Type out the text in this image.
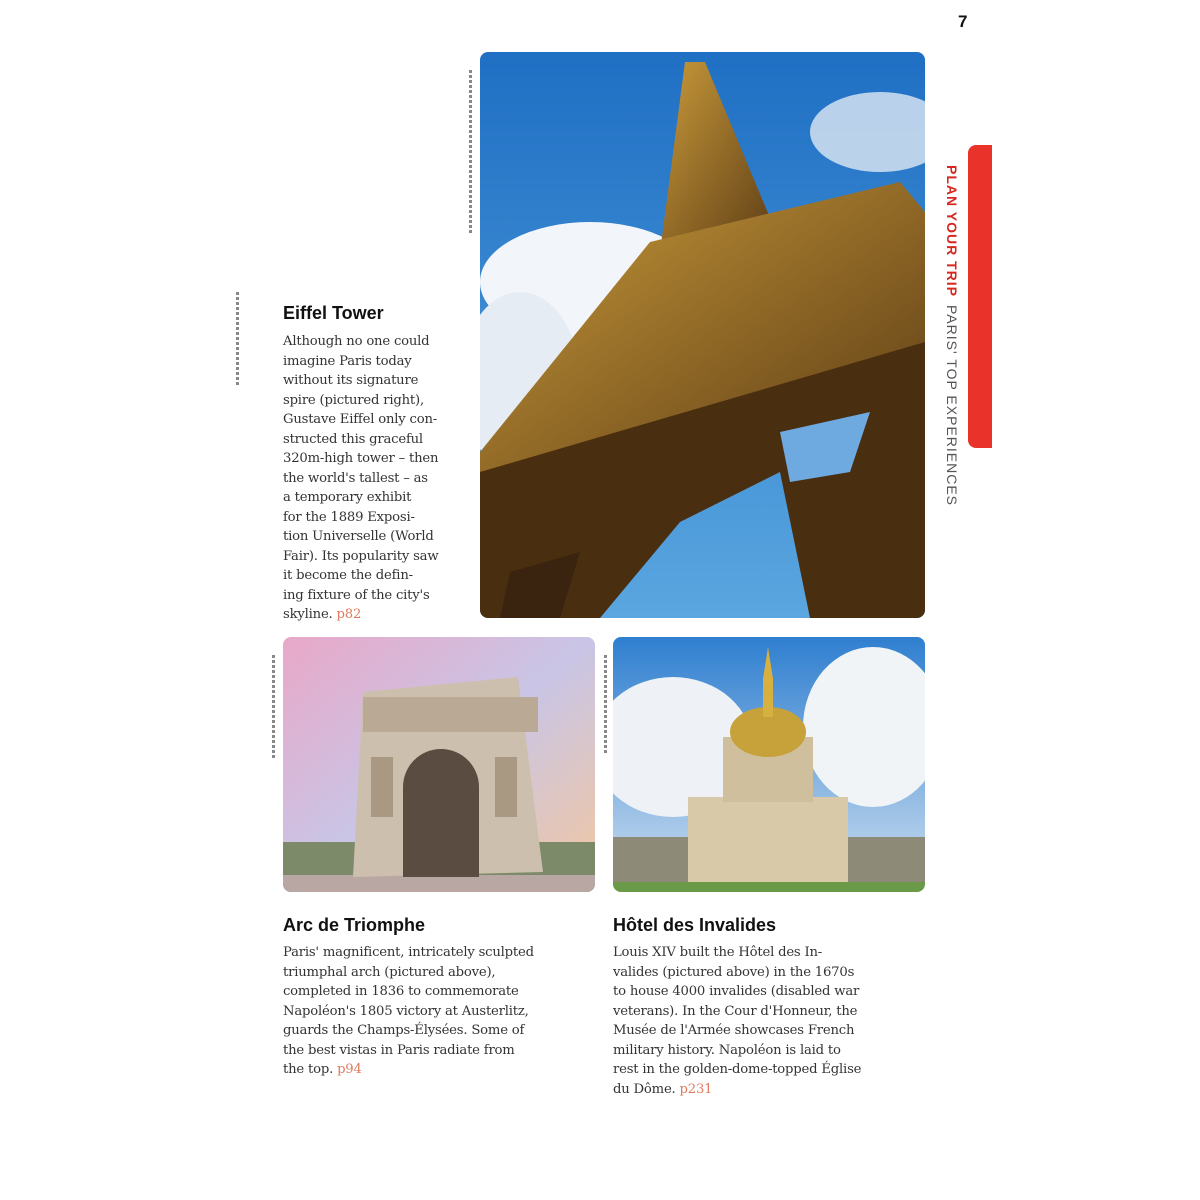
7
PLAN YOUR TRIPPARIS' TOP EXPERIENCES
Eiffel Tower
Although no one could
imagine Paris today
without its signature
spire (pictured right),
Gustave Eiffel only con-
structed this graceful
320m-high tower – then
the world's tallest – as
a temporary exhibit
for the 1889 Exposi-
tion Universelle (World
Fair). Its popularity saw
it become the defin-
ing fixture of the city's
skyline. p82
Arc de Triomphe
Paris' magnificent, intricately sculpted
triumphal arch (pictured above),
completed in 1836 to commemorate
Napoléon's 1805 victory at Austerlitz,
guards the Champs-Élysées. Some of
the best vistas in Paris radiate from
the top. p94
Hôtel des Invalides
Louis XIV built the Hôtel des In-
valides (pictured above) in the 1670s
to house 4000 invalides (disabled war
veterans). In the Cour d'Honneur, the
Musée de l'Armée showcases French
military history. Napoléon is laid to
rest in the golden-dome-topped Église
du Dôme. p231
